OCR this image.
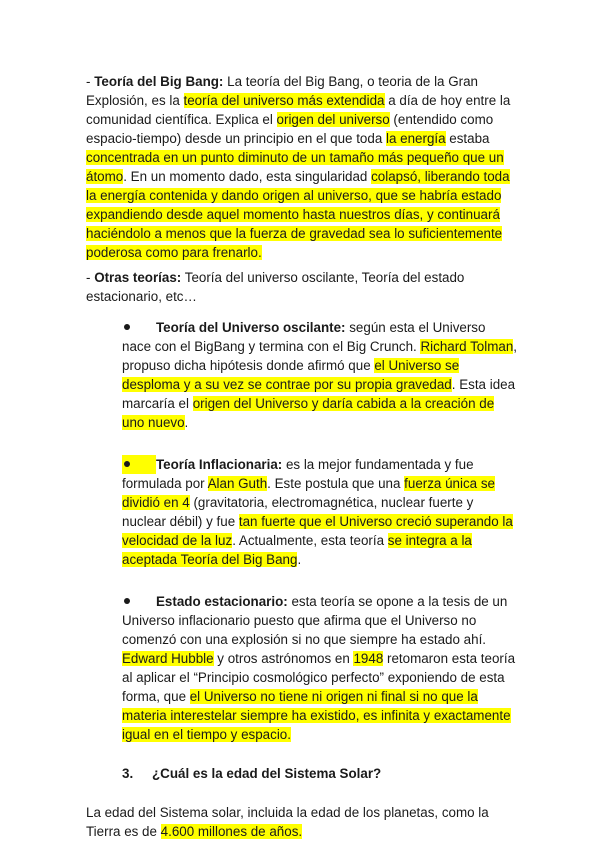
- Teoría del Big Bang: La teoría del Big Bang, o teoria de la Gran Explosión, es la teoría del universo más extendida a día de hoy entre la comunidad científica. Explica el origen del universo (entendido como espacio-tiempo) desde un principio en el que toda la energía estaba concentrada en un punto diminuto de un tamaño más pequeño que un átomo. En un momento dado, esta singularidad colapsó, liberando toda la energía contenida y dando origen al universo, que se habría estado expandiendo desde aquel momento hasta nuestros días, y continuará haciéndolo a menos que la fuerza de gravedad sea lo suficientemente poderosa como para frenarlo.

- Otras teorías: Teoría del universo oscilante, Teoría del estado estacionario, etc…

Teoría del Universo oscilante: según esta el Universo nace con el BigBang y termina con el Big Crunch. Richard Tolman, propuso dicha hipótesis donde afirmó que el Universo se desploma y a su vez se contrae por su propia gravedad. Esta idea marcaría el origen del Universo y daría cabida a la creación de uno nuevo.

Teoría Inflacionaria: es la mejor fundamentada y fue formulada por Alan Guth. Este postula que una fuerza única se dividió en 4 (gravitatoria, electromagnética, nuclear fuerte y nuclear débil) y fue tan fuerte que el Universo creció superando la velocidad de la luz. Actualmente, esta teoría se integra a la aceptada Teoría del Big Bang.

Estado estacionario: esta teoría se opone a la tesis de un Universo inflacionario puesto que afirma que el Universo no comenzó con una explosión si no que siempre ha estado ahí. Edward Hubble y otros astrónomos en 1948 retomaron esta teoría al aplicar el “Principio cosmológico perfecto” exponiendo de esta forma, que el Universo no tiene ni origen ni final si no que la materia interestelar siempre ha existido, es infinita y exactamente igual en el tiempo y espacio.

3. ¿Cuál es la edad del Sistema Solar?

La edad del Sistema solar, incluida la edad de los planetas, como la Tierra es de 4.600 millones de años.
